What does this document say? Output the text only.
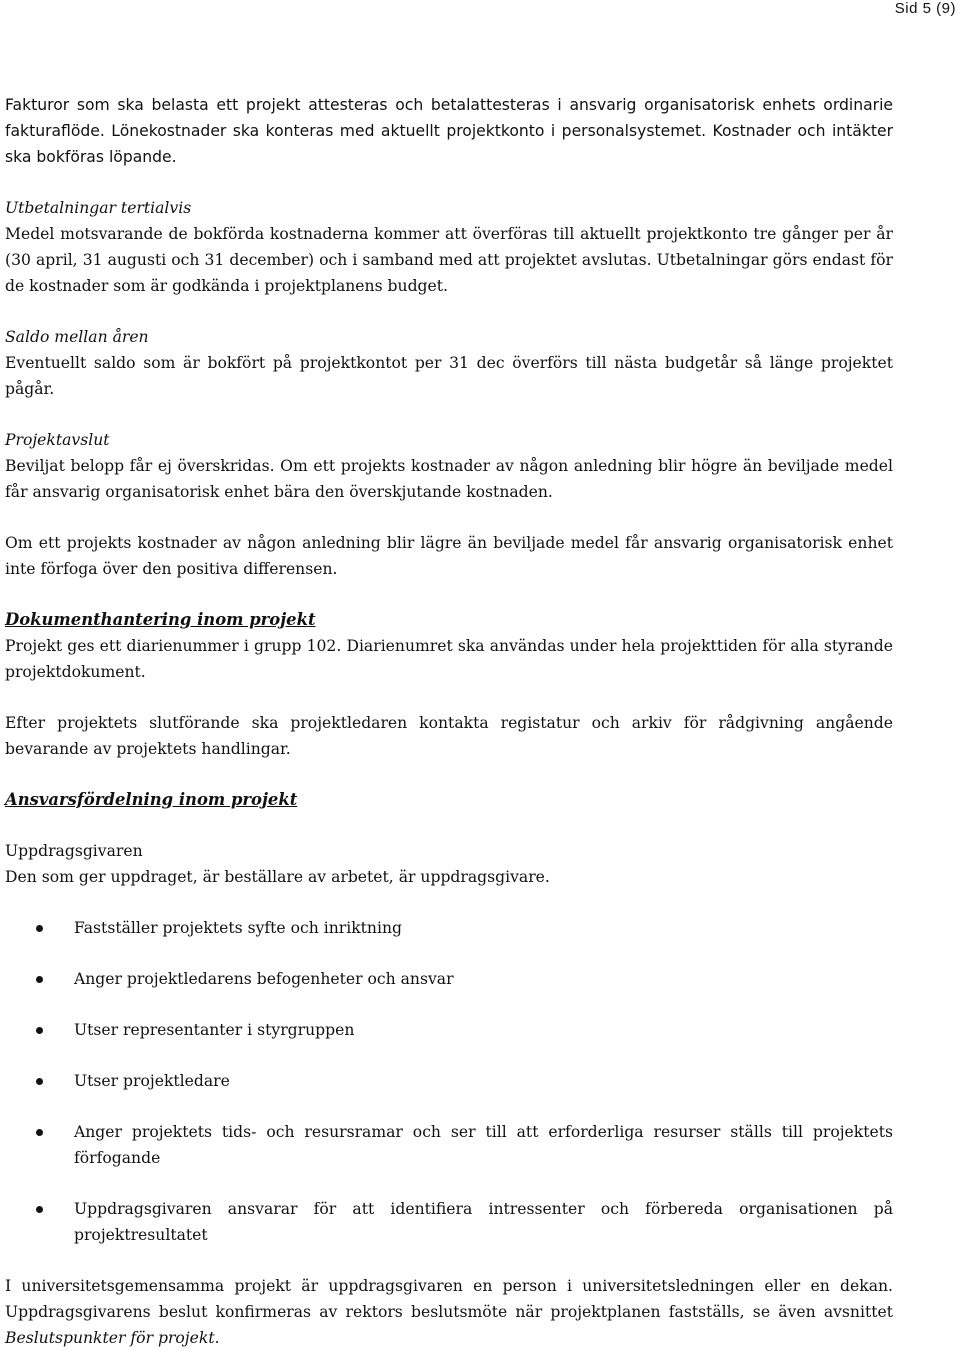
Sid 5 (9)

Fakturor som ska belasta ett projekt attesteras och betalattesteras i ansvarig organisatorisk enhets ordinarie fakturaflöde. Lönekostnader ska konteras med aktuellt projektkonto i personalsystemet. Kostnader och intäkter ska bokföras löpande.

Utbetalningar tertialvis
Medel motsvarande de bokförda kostnaderna kommer att överföras till aktuellt projektkonto tre gånger per år (30 april, 31 augusti och 31 december) och i samband med att projektet avslutas. Utbetalningar görs endast för de kostnader som är godkända i projektplanens budget.

Saldo mellan åren
Eventuellt saldo som är bokfört på projektkontot per 31 dec överförs till nästa budgetår så länge projektet pågår.

Projektavslut
Beviljat belopp får ej överskridas. Om ett projekts kostnader av någon anledning blir högre än beviljade medel får ansvarig organisatorisk enhet bära den överskjutande kostnaden.

Om ett projekts kostnader av någon anledning blir lägre än beviljade medel får ansvarig organisatorisk enhet inte förfoga över den positiva differensen.

Dokumenthantering inom projekt
Projekt ges ett diarienummer i grupp 102. Diarienumret ska användas under hela projekttiden för alla styrande projektdokument.

Efter projektets slutförande ska projektledaren kontakta registatur och arkiv för rådgivning angående bevarande av projektets handlingar.

Ansvarsfördelning inom projekt

Uppdragsgivaren
Den som ger uppdraget, är beställare av arbetet, är uppdragsgivare.

Fastställer projektets syfte och inriktning
Anger projektledarens befogenheter och ansvar
Utser representanter i styrgruppen
Utser projektledare
Anger projektets tids- och resursramar och ser till att erforderliga resurser ställs till projektets förfogande
Uppdragsgivaren ansvarar för att identifiera intressenter och förbereda organisationen på projektresultatet

I universitetsgemensamma projekt är uppdragsgivaren en person i universitetsledningen eller en dekan. Uppdragsgivarens beslut konfirmeras av rektors beslutsmöte när projektplanen fastställs, se även avsnittet Beslutspunkter för projekt.
